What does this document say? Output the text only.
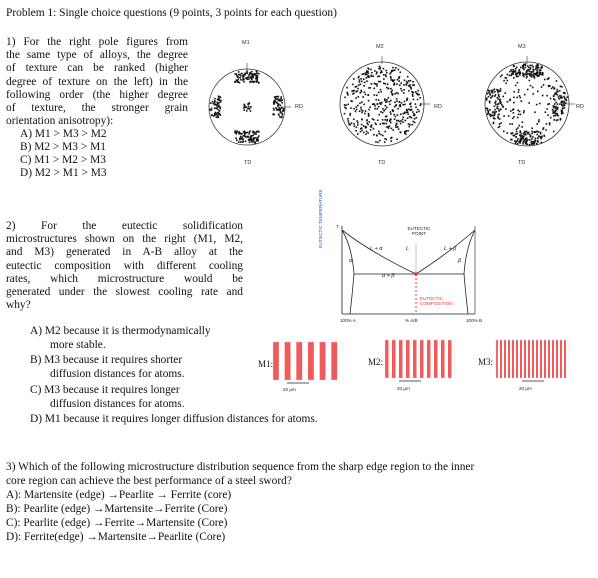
Problem 1: Single choice questions (9 points, 3 points for each question)
1) For the right pole figures from
the same type of alloys, the degree
of texture can be ranked (higher
degree of texture on the left) in the
following order (the higher degree
of texture, the stronger grain
orientation anisotropy):
A) M1 > M3 > M2
B) M2 > M3 > M1
C) M1 > M2 > M3
D) M2 > M1 > M3
M1
M2	M3
RD	RD	RD
TD	TD	TD
2) For the eutectic solidification
microstructures shown on the right (M1, M2,
and M3) generated in A-B alloy at the
eutectic composition with different cooling
rates, which microstructure would be
generated under the slowest cooling rate and
why?
A) M2 because it is thermodynamically
more stable.
B) M3 because it requires shorter
diffusion distances for atoms.
C) M3 because it requires longer
diffusion distances for atoms.
D) M1 because it requires longer diffusion distances for atoms.
EUTECTIC TEMPERATURE	T	EUTECTIC POINT
L
L + α	L + β
α	β
α + β
EUTECTIC COMPOSITION
100% A	% A/B	100% B
M1:	M2:	M3:
20 μm	20 μm	20 μm
3) Which of the following microstructure distribution sequence from the sharp edge region to the inner
core region can achieve the best performance of a steel sword?
A): Martensite (edge) →Pearlite → Ferrite (core)
B): Pearlite (edge) →Martensite→Ferrite (Core)
C): Pearlite (edge) →Ferrite→Martensite (Core)
D): Ferrite(edge) →Martensite→Pearlite (Core)
